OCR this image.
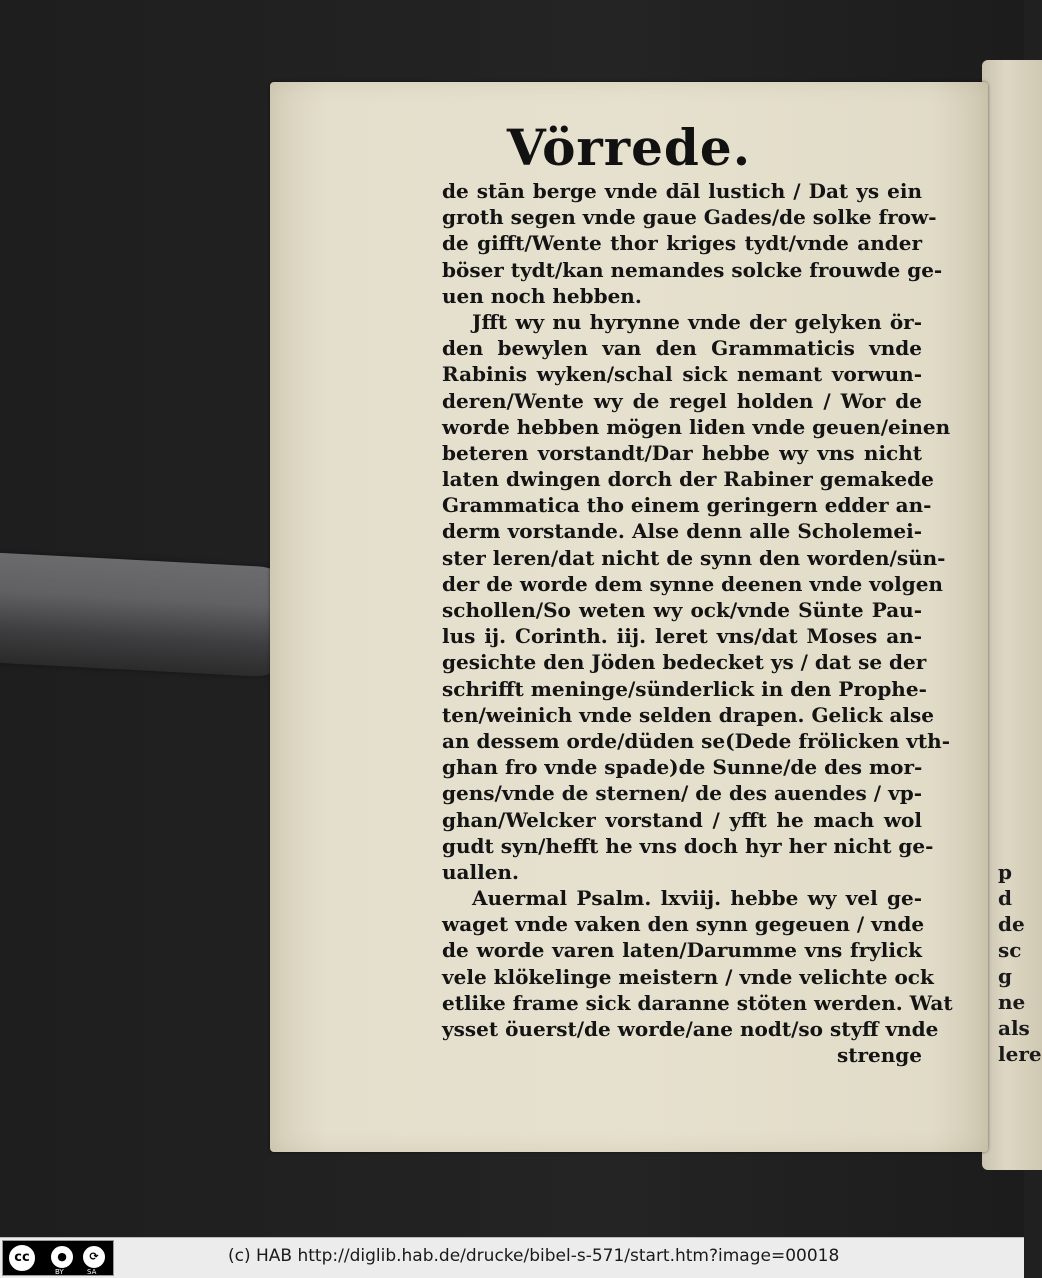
p
d
de
sc
g
ne
als
lere
Vörrede.
de stān berge vnde dāl lustich / Dat ys ein
groth segen vnde gaue Gades/de solke frow-
de gifft/Wente thor kriges tydt/vnde ander
böser tydt/kan nemandes solcke frouwde ge-
uen noch hebben.
Jfft wy nu hyrynne vnde der gelyken ör-
den bewylen van den Grammaticis vnde
Rabinis wyken/schal sick nemant vorwun-
deren/Wente wy de regel holden / Wor de
worde hebben mögen liden vnde geuen/einen
beteren vorstandt/Dar hebbe wy vns nicht
laten dwingen dorch der Rabiner gemakede
Grammatica tho einem geringern edder an-
derm vorstande. Alse denn alle Scholemei-
ster leren/dat nicht de synn den worden/sün-
der de worde dem synne deenen vnde volgen
schollen/So weten wy ock/vnde Sünte Pau-
lus ij. Corinth. iij. leret vns/dat Moses an-
gesichte den Jöden bedecket ys / dat se der
schrifft meninge/sünderlick in den Prophe-
ten/weinich vnde selden drapen. Gelick alse
an dessem orde/düden se(Dede frölicken vth-
ghan fro vnde spade)de Sunne/de des mor-
gens/vnde de sternen/ de des auendes / vp-
ghan/Welcker vorstand / yfft he mach wol
gudt syn/hefft he vns doch hyr her nicht ge-
uallen.
Auermal Psalm. lxviij. hebbe wy vel ge-
waget vnde vaken den synn gegeuen / vnde
de worde varen laten/Darumme vns frylick
vele klökelinge meistern / vnde velichte ock
etlike frame sick daranne stöten werden. Wat
ysset öuerst/de worde/ane nodt/so styff vnde
strenge
cc	●	⟳
BY	SA
(c) HAB http://diglib.hab.de/drucke/bibel-s-571/start.htm?image=00018
